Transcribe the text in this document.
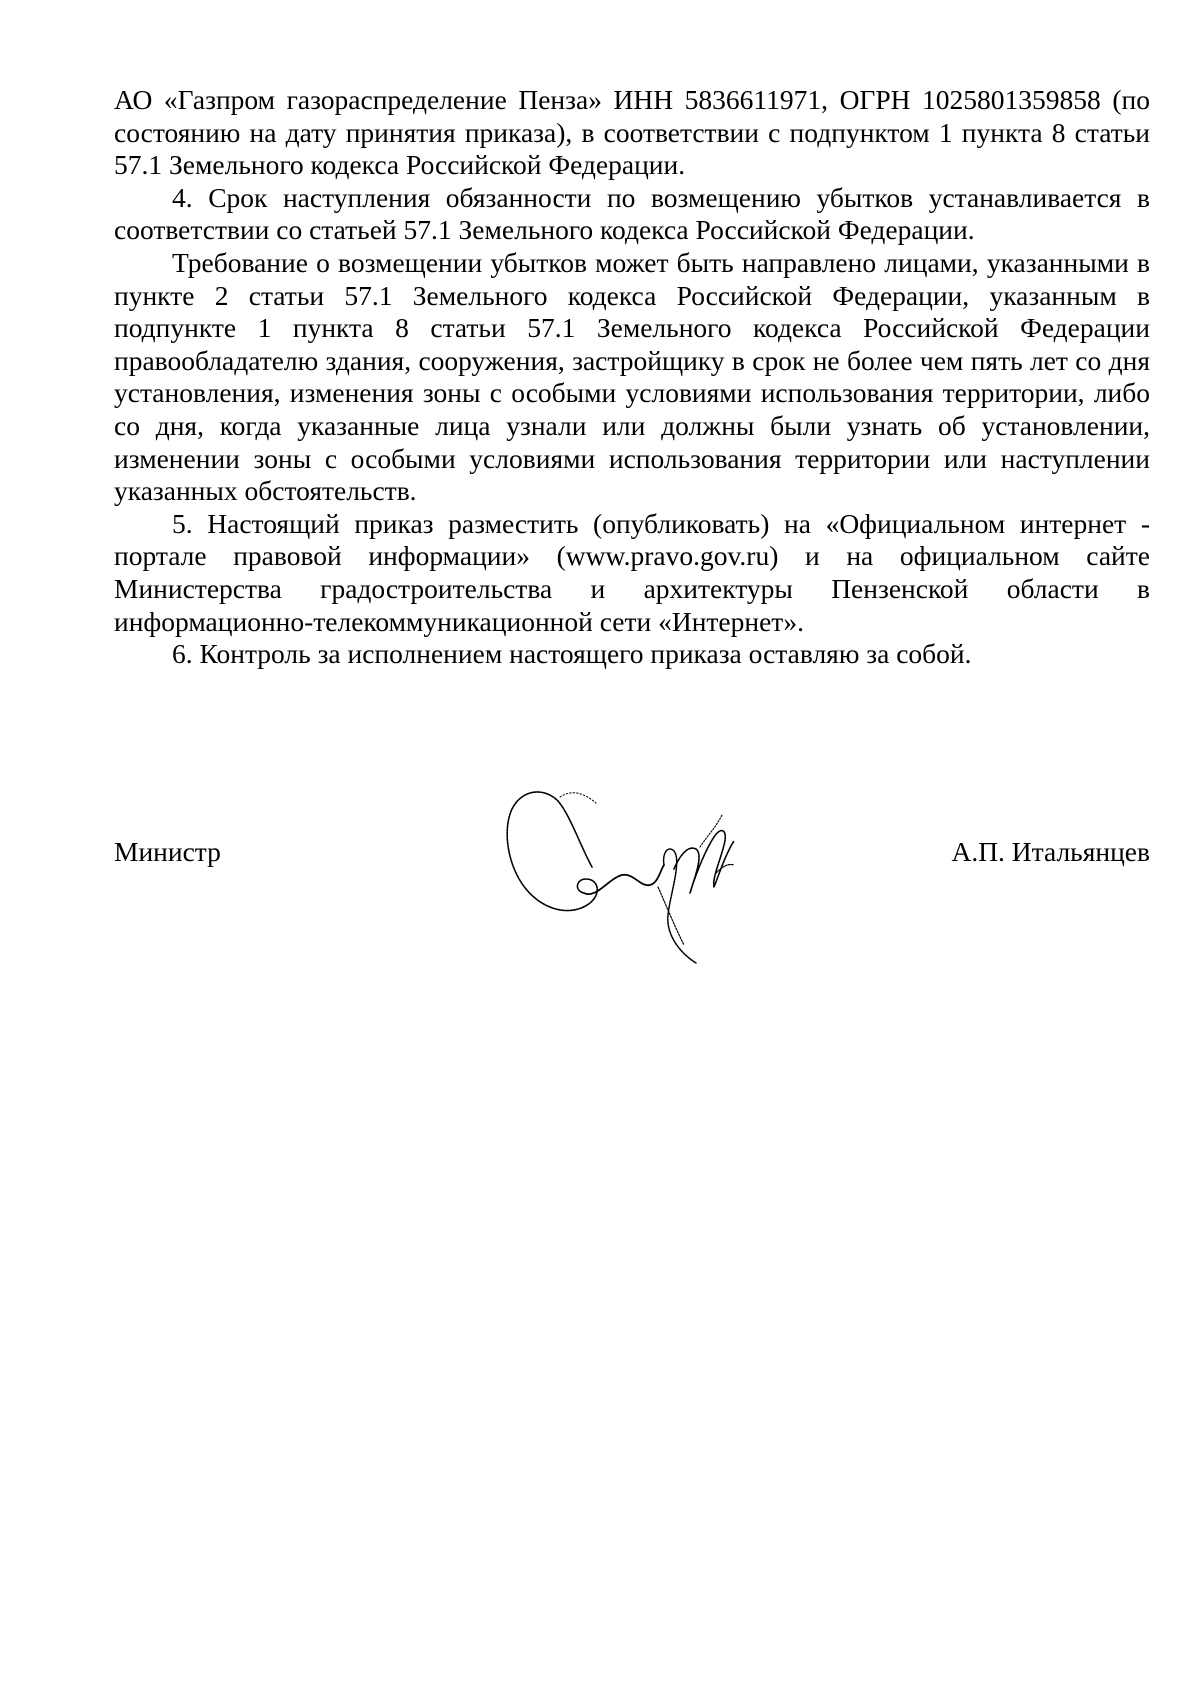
АО «Газпром газораспределение Пенза» ИНН 5836611971, ОГРН 1025801359858 (по состоянию на дату принятия приказа), в соответствии с подпунктом 1 пункта 8 статьи 57.1 Земельного кодекса Российской Федерации.

4. Срок наступления обязанности по возмещению убытков устанавливается в соответствии со статьей 57.1 Земельного кодекса Российской Федерации.

Требование о возмещении убытков может быть направлено лицами, указанными в пункте 2 статьи 57.1 Земельного кодекса Российской Федерации, указанным в подпункте 1 пункта 8 статьи 57.1 Земельного кодекса Российской Федерации правообладателю здания, сооружения, застройщику в срок не более чем пять лет со дня установления, изменения зоны с особыми условиями использования территории, либо со дня, когда указанные лица узнали или должны были узнать об установлении, изменении зоны с особыми условиями использования территории или наступлении указанных обстоятельств.

5. Настоящий приказ разместить (опубликовать) на «Официальном интернет - портале правовой информации» (www.pravo.gov.ru) и на официальном сайте Министерства градостроительства и архитектуры Пензенской области в информационно-телекоммуникационной сети «Интернет».

6. Контроль за исполнением настоящего приказа оставляю за собой.

Министр	А.П. Итальянцев
